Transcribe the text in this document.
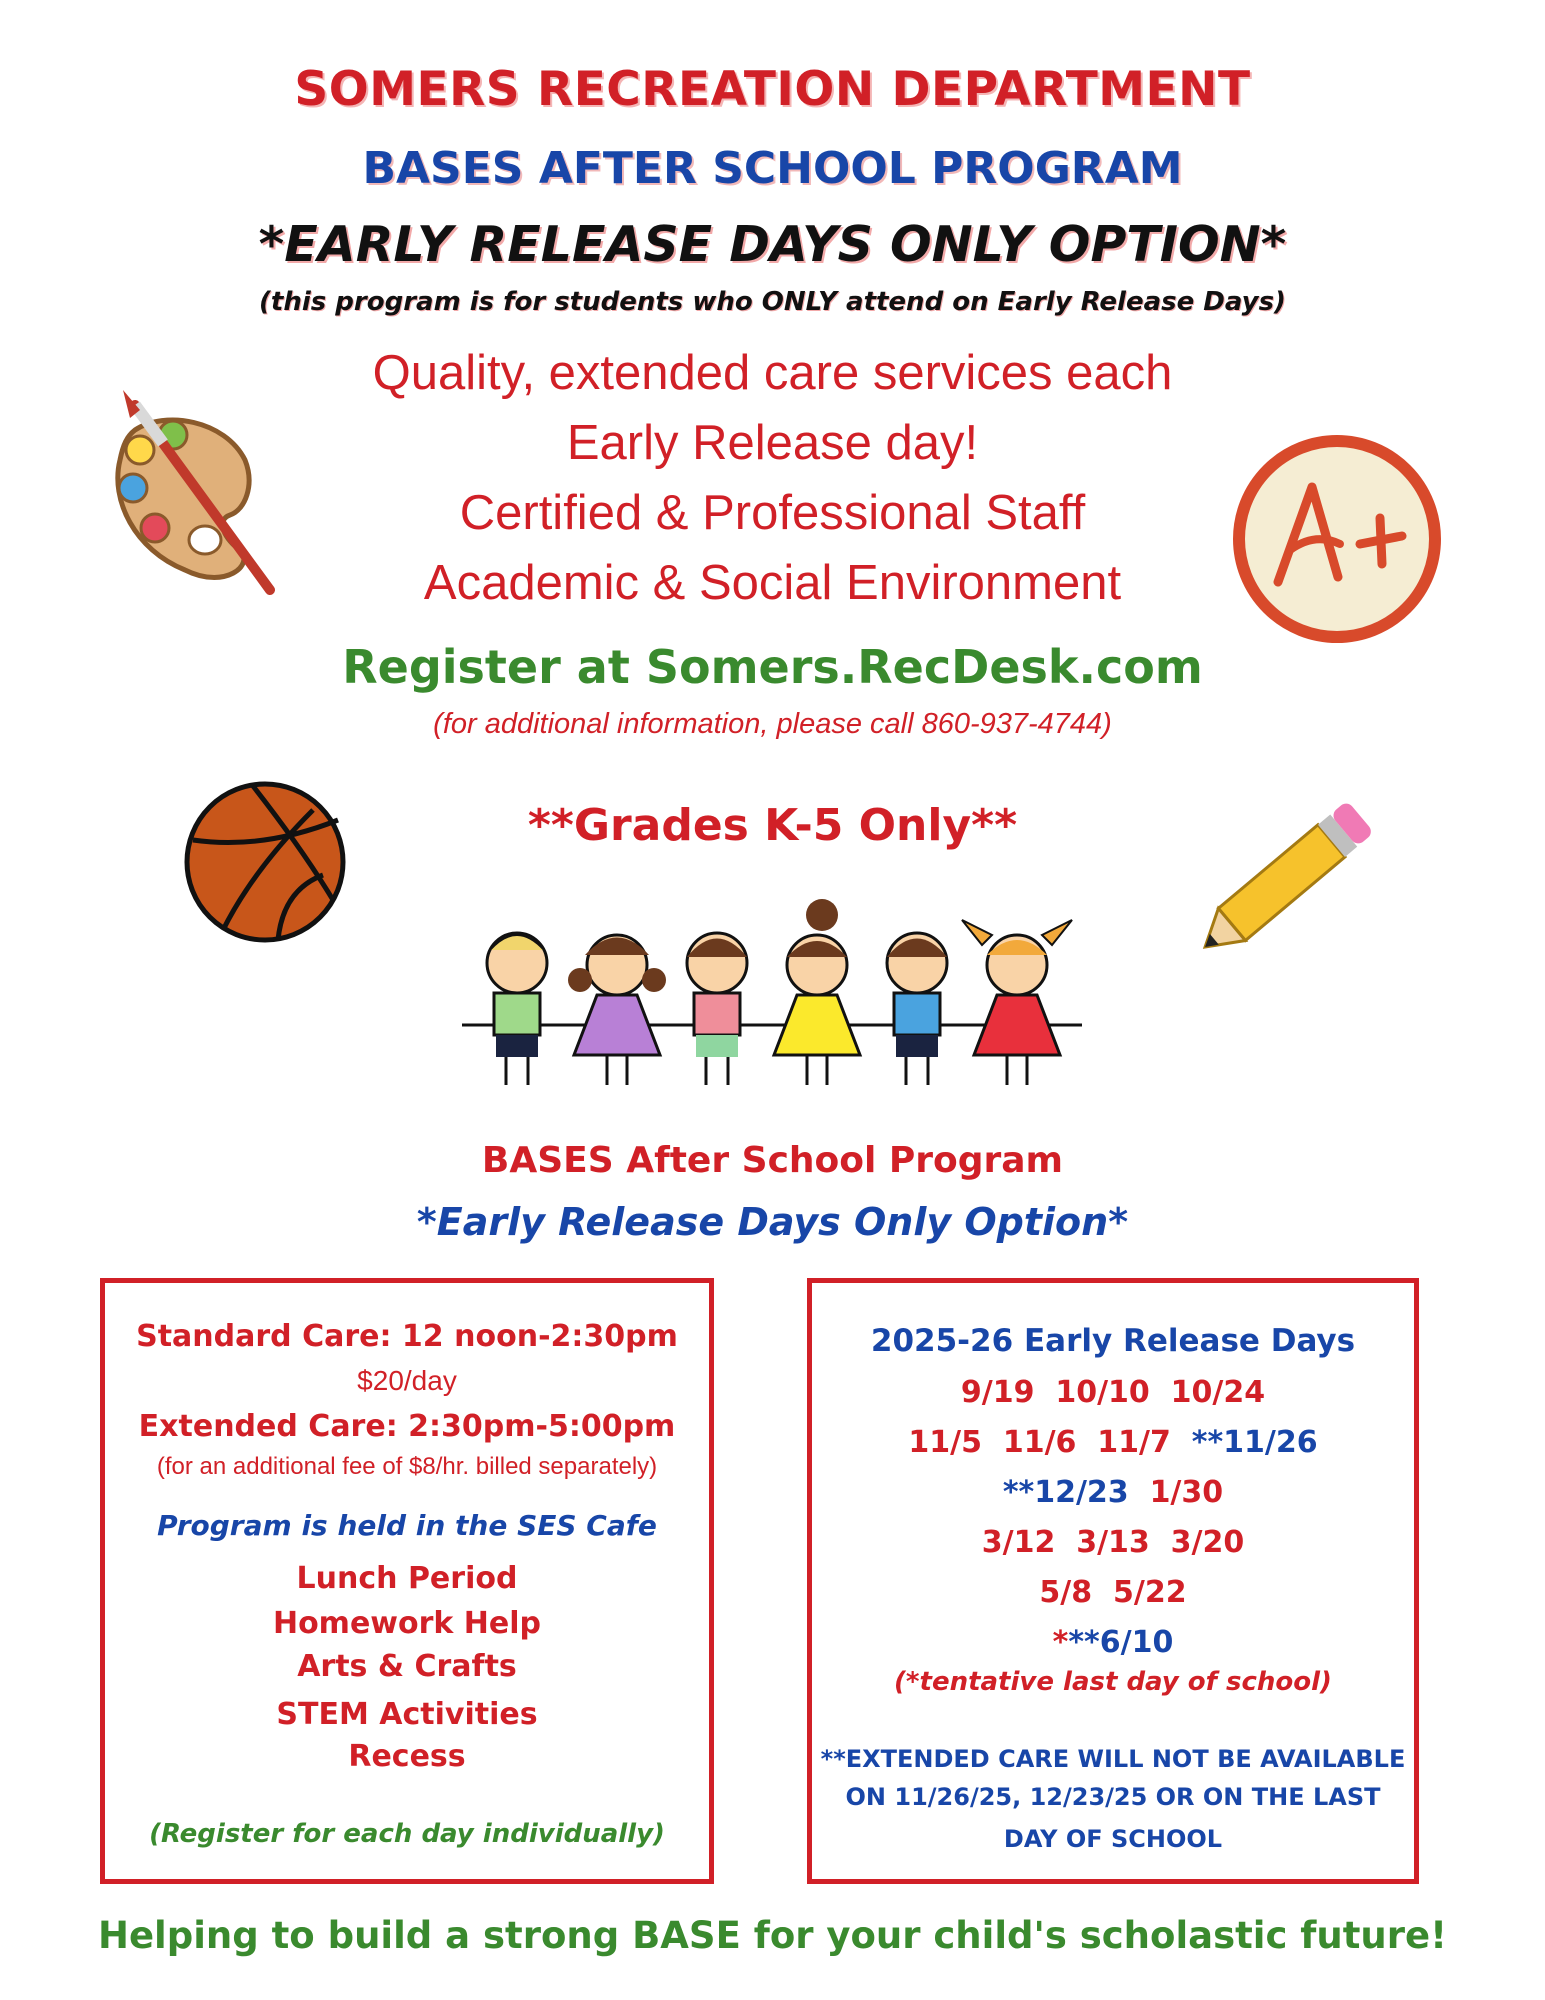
SOMERS RECREATION DEPARTMENT
BASES AFTER SCHOOL PROGRAM
*EARLY RELEASE DAYS ONLY OPTION*
(this program is for students who ONLY attend on Early Release Days)
Quality, extended care services each
Early Release day!
Certified & Professional Staff
Academic & Social Environment
Register at Somers.RecDesk.com
(for additional information, please call 860-937-4744)
**Grades K-5 Only**
BASES After School Program
*Early Release Days Only Option*
Standard Care: 12 noon-2:30pm
$20/day
Extended Care: 2:30pm-5:00pm
(for an additional fee of $8/hr. billed separately)
Program is held in the SES Cafe
Lunch Period
Homework Help
Arts & Crafts
STEM Activities
Recess
(Register for each day individually)
2025-26 Early Release Days
9/19  10/10  10/24
11/5  11/6  11/7  **11/26
**12/23  1/30
3/12  3/13  3/20
5/8  5/22
***6/10
(*tentative last day of school)
**EXTENDED CARE WILL NOT BE AVAILABLE
ON 11/26/25, 12/23/25 OR ON THE LAST
DAY OF SCHOOL
Helping to build a strong BASE for your child's scholastic future!
